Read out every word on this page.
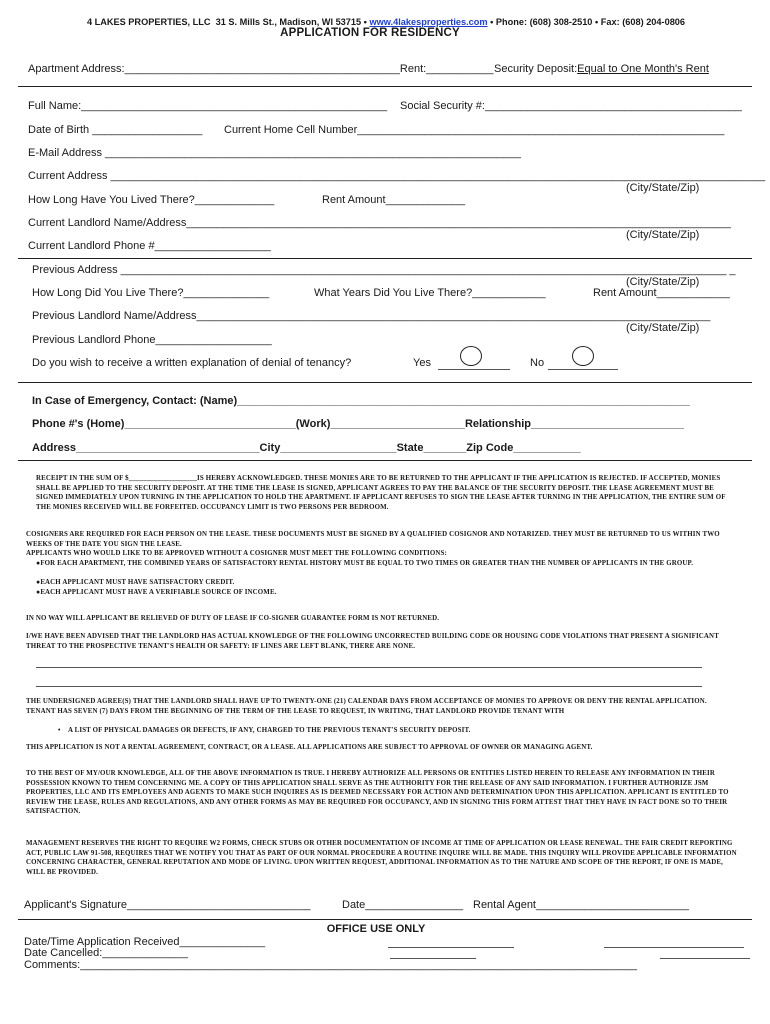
4 LAKES PROPERTIES, LLC 31 S. Mills St., Madison, WI 53715 • www.4lakesproperties.com • Phone: (608) 308-2510 • Fax: (608) 204-0806
APPLICATION FOR RESIDENCY
Apartment Address:_____________________________________________Rent:___________ Security Deposit:Equal to One Month's Rent
Full Name:__________________________________________________ Social Security #:__________________________________________
Date of Birth __________________ Current Home Cell Number____________________________________________________________
E-Mail Address ____________________________________________________________________
Current Address ___________________________________________________________________________________________________________
(City/State/Zip)
How Long Have You Lived There?_____________	Rent Amount_____________
Current Landlord Name/Address_________________________________________________________________________________________
(City/State/Zip)
Current Landlord Phone #___________________
Previous Address ___________________________________________________________________________________________________ _
(City/State/Zip)
How Long Did You Live There?______________	What Years Did You Live There?____________	Rent Amount____________
Previous Landlord Name/Address____________________________________________________________________________________
(City/State/Zip)
Previous Landlord Phone___________________
Do you wish to receive a written explanation of denial of tenancy?	Yes	No
In Case of Emergency, Contact: (Name)__________________________________________________________________________
Phone #'s (Home)____________________________(Work)______________________Relationship_________________________
Address______________________________City___________________State_______Zip Code___________
RECEIPT IN THE SUM OF $___________________IS HEREBY ACKNOWLEDGED. THESE MONIES ARE TO BE RETURNED TO THE APPLICANT IF THE APPLICATION IS REJECTED. IF ACCEPTED, MONIES SHALL BE APPLIED TO THE SECURITY DEPOSIT. AT THE TIME THE LEASE IS SIGNED, APPLICANT AGREES TO PAY THE BALANCE OF THE SECURITY DEPOSIT. THE LEASE AGREEMENT MUST BE SIGNED IMMEDIATELY UPON TURNING IN THE APPLICATION TO HOLD THE APARTMENT. IF APPLICANT REFUSES TO SIGN THE LEASE AFTER TURNING IN THE APPLICATION, THE ENTIRE SUM OF THE MONIES RECEIVED WILL BE FORFEITED. OCCUPANCY LIMIT IS TWO PERSONS PER BEDROOM.
COSIGNERS ARE REQUIRED FOR EACH PERSON ON THE LEASE. THESE DOCUMENTS MUST BE SIGNED BY A QUALIFIED COSIGNOR AND NOTARIZED. THEY MUST BE RETURNED TO US WITHIN TWO WEEKS OF THE DATE YOU SIGN THE LEASE.
APPLICANTS WHO WOULD LIKE TO BE APPROVED WITHOUT A COSIGNER MUST MEET THE FOLLOWING CONDITIONS:
●FOR EACH APARTMENT, THE COMBINED YEARS OF SATISFACTORY RENTAL HISTORY MUST BE EQUAL TO TWO TIMES OR GREATER THAN THE NUMBER OF APPLICANTS IN THE GROUP.
●EACH APPLICANT MUST HAVE SATISFACTORY CREDIT.
●EACH APPLICANT MUST HAVE A VERIFIABLE SOURCE OF INCOME.
IN NO WAY WILL APPLICANT BE RELIEVED OF DUTY OF LEASE IF CO-SIGNER GUARANTEE FORM IS NOT RETURNED.
I/WE HAVE BEEN ADVISED THAT THE LANDLORD HAS ACTUAL KNOWLEDGE OF THE FOLLOWING UNCORRECTED BUILDING CODE OR HOUSING CODE VIOLATIONS THAT PRESENT A SIGNIFICANT THREAT TO THE PROSPECTIVE TENANT'S HEALTH OR SAFETY: IF LINES ARE LEFT BLANK, THERE ARE NONE.
THE UNDERSIGNED AGREE(S) THAT THE LANDLORD SHALL HAVE UP TO TWENTY-ONE (21) CALENDAR DAYS FROM ACCEPTANCE OF MONIES TO APPROVE OR DENY THE RENTAL APPLICATION. TENANT HAS SEVEN (7) DAYS FROM THE BEGINNING OF THE TERM OF THE LEASE TO REQUEST, IN WRITING, THAT LANDLORD PROVIDE TENANT WITH
• A LIST OF PHYSICAL DAMAGES OR DEFECTS, IF ANY, CHARGED TO THE PREVIOUS TENANT'S SECURITY DEPOSIT.
THIS APPLICATION IS NOT A RENTAL AGREEMENT, CONTRACT, OR A LEASE. ALL APPLICATIONS ARE SUBJECT TO APPROVAL OF OWNER OR MANAGING AGENT.
TO THE BEST OF MY/OUR KNOWLEDGE, ALL OF THE ABOVE INFORMATION IS TRUE. I HEREBY AUTHORIZE ALL PERSONS OR ENTITIES LISTED HEREIN TO RELEASE ANY INFORMATION IN THEIR POSSESSION KNOWN TO THEM CONCERNING ME. A COPY OF THIS APPLICATION SHALL SERVE AS THE AUTHORITY FOR THE RELEASE OF ANY SAID INFORMATION. I FURTHER AUTHORIZE JSM PROPERTIES, LLC AND ITS EMPLOYEES AND AGENTS TO MAKE SUCH INQUIRES AS IS DEEMED NECESSARY FOR ACTION AND DETERMINATION UPON THIS APPLICATION. APPLICANT IS ENTITLED TO REVIEW THE LEASE, RULES AND REGULATIONS, AND ANY OTHER FORMS AS MAY BE REQUIRED FOR OCCUPANCY, AND IN SIGNING THIS FORM ATTEST THAT THEY HAVE IN FACT DONE SO TO THEIR SATISFACTION.
MANAGEMENT RESERVES THE RIGHT TO REQUIRE W2 FORMS, CHECK STUBS OR OTHER DOCUMENTATION OF INCOME AT TIME OF APPLICATION OR LEASE RENEWAL. THE FAIR CREDIT REPORTING ACT, PUBLIC LAW 91-508, REQUIRES THAT WE NOTIFY YOU THAT AS PART OF OUR NORMAL PROCEDURE A ROUTINE INQUIRE WILL BE MADE. THIS INQUIRY WILL PROVIDE APPLICABLE INFORMATION CONCERNING CHARACTER, GENERAL REPUTATION AND MODE OF LIVING. UPON WRITTEN REQUEST, ADDITIONAL INFORMATION AS TO THE NATURE AND SCOPE OF THE REPORT, IF ONE IS MADE, WILL BE PROVIDED.
Applicant's Signature______________________________	Date________________ Rental Agent_________________________
OFFICE USE ONLY
Date/Time Application Received______________
Date Cancelled:______________
Comments:___________________________________________________________________________________________
